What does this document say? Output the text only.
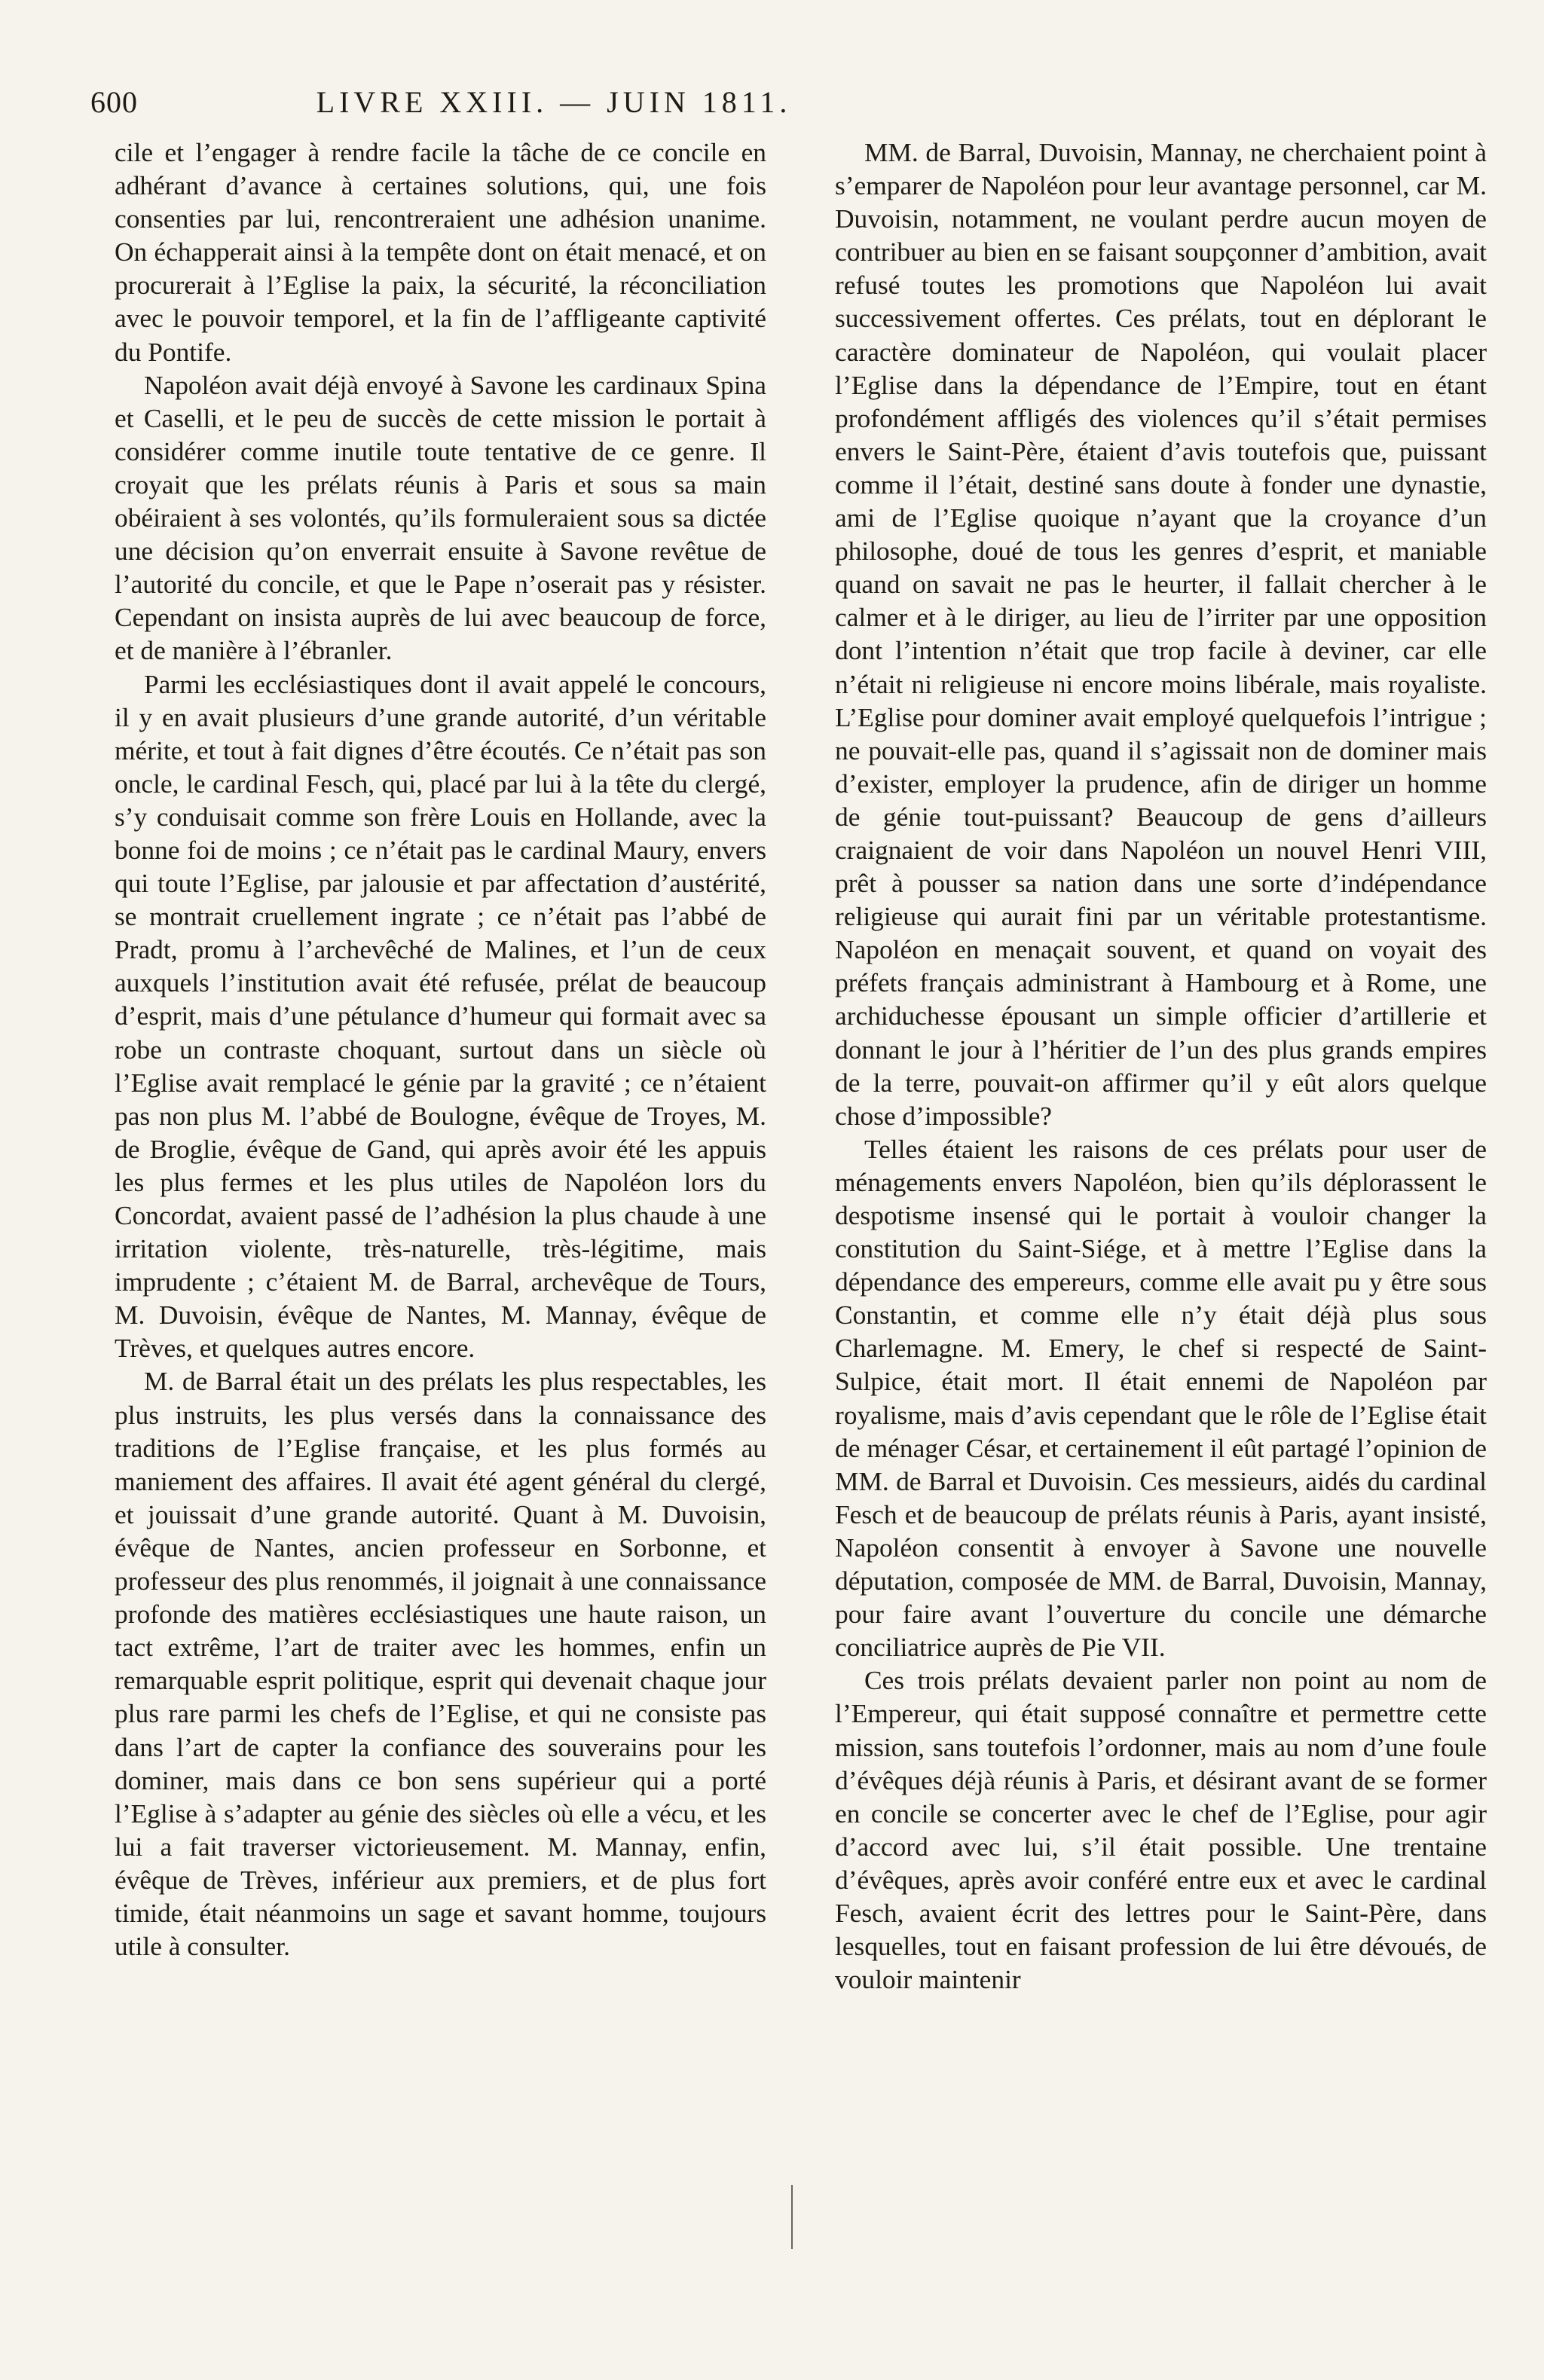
600	LIVRE XXIII. — JUIN 1811.

cile et l’engager à rendre facile la tâche de ce concile en adhérant d’avance à certaines solutions, qui, une fois consenties par lui, rencontreraient une adhésion unanime. On échapperait ainsi à la tempête dont on était menacé, et on procurerait à l’Eglise la paix, la sécurité, la réconciliation avec le pouvoir temporel, et la fin de l’affligeante captivité du Pontife.

Napoléon avait déjà envoyé à Savone les cardinaux Spina et Caselli, et le peu de succès de cette mission le portait à considérer comme inutile toute tentative de ce genre. Il croyait que les prélats réunis à Paris et sous sa main obéiraient à ses volontés, qu’ils formuleraient sous sa dictée une décision qu’on enverrait ensuite à Savone revêtue de l’autorité du concile, et que le Pape n’oserait pas y résister. Cependant on insista auprès de lui avec beaucoup de force, et de manière à l’ébranler.

Parmi les ecclésiastiques dont il avait appelé le concours, il y en avait plusieurs d’une grande autorité, d’un véritable mérite, et tout à fait dignes d’être écoutés. Ce n’était pas son oncle, le cardinal Fesch, qui, placé par lui à la tête du clergé, s’y conduisait comme son frère Louis en Hollande, avec la bonne foi de moins ; ce n’était pas le cardinal Maury, envers qui toute l’Eglise, par jalousie et par affectation d’austérité, se montrait cruellement ingrate ; ce n’était pas l’abbé de Pradt, promu à l’archevêché de Malines, et l’un de ceux auxquels l’institution avait été refusée, prélat de beaucoup d’esprit, mais d’une pétulance d’humeur qui formait avec sa robe un contraste choquant, surtout dans un siècle où l’Eglise avait remplacé le génie par la gravité ; ce n’étaient pas non plus M. l’abbé de Boulogne, évêque de Troyes, M. de Broglie, évêque de Gand, qui après avoir été les appuis les plus fermes et les plus utiles de Napoléon lors du Concordat, avaient passé de l’adhésion la plus chaude à une irritation violente, très-naturelle, très-légitime, mais imprudente ; c’étaient M. de Barral, archevêque de Tours, M. Duvoisin, évêque de Nantes, M. Mannay, évêque de Trèves, et quelques autres encore.

M. de Barral était un des prélats les plus respectables, les plus instruits, les plus versés dans la connaissance des traditions de l’Eglise française, et les plus formés au maniement des affaires. Il avait été agent général du clergé, et jouissait d’une grande autorité. Quant à M. Duvoisin, évêque de Nantes, ancien professeur en Sorbonne, et professeur des plus renommés, il joignait à une connaissance profonde des matières ecclésiastiques une haute raison, un tact extrême, l’art de traiter avec les hommes, enfin un remarquable esprit politique, esprit qui devenait chaque jour plus rare parmi les chefs de l’Eglise, et qui ne consiste pas dans l’art de capter la confiance des souverains pour les dominer, mais dans ce bon sens supérieur qui a porté l’Eglise à s’adapter au génie des siècles où elle a vécu, et les lui a fait traverser victorieusement. M. Mannay, enfin, évêque de Trèves, inférieur aux premiers, et de plus fort timide, était néanmoins un sage et savant homme, toujours utile à consulter.

MM. de Barral, Duvoisin, Mannay, ne cherchaient point à s’emparer de Napoléon pour leur avantage personnel, car M. Duvoisin, notamment, ne voulant perdre aucun moyen de contribuer au bien en se faisant soupçonner d’ambition, avait refusé toutes les promotions que Napoléon lui avait successivement offertes. Ces prélats, tout en déplorant le caractère dominateur de Napoléon, qui voulait placer l’Eglise dans la dépendance de l’Empire, tout en étant profondément affligés des violences qu’il s’était permises envers le Saint-Père, étaient d’avis toutefois que, puissant comme il l’était, destiné sans doute à fonder une dynastie, ami de l’Eglise quoique n’ayant que la croyance d’un philosophe, doué de tous les genres d’esprit, et maniable quand on savait ne pas le heurter, il fallait chercher à le calmer et à le diriger, au lieu de l’irriter par une opposition dont l’intention n’était que trop facile à deviner, car elle n’était ni religieuse ni encore moins libérale, mais royaliste. L’Eglise pour dominer avait employé quelquefois l’intrigue ; ne pouvait-elle pas, quand il s’agissait non de dominer mais d’exister, employer la prudence, afin de diriger un homme de génie tout-puissant? Beaucoup de gens d’ailleurs craignaient de voir dans Napoléon un nouvel Henri VIII, prêt à pousser sa nation dans une sorte d’indépendance religieuse qui aurait fini par un véritable protestantisme. Napoléon en menaçait souvent, et quand on voyait des préfets français administrant à Hambourg et à Rome, une archiduchesse épousant un simple officier d’artillerie et donnant le jour à l’héritier de l’un des plus grands empires de la terre, pouvait-on affirmer qu’il y eût alors quelque chose d’impossible?

Telles étaient les raisons de ces prélats pour user de ménagements envers Napoléon, bien qu’ils déplorassent le despotisme insensé qui le portait à vouloir changer la constitution du Saint-Siége, et à mettre l’Eglise dans la dépendance des empereurs, comme elle avait pu y être sous Constantin, et comme elle n’y était déjà plus sous Charlemagne. M. Emery, le chef si respecté de Saint-Sulpice, était mort. Il était ennemi de Napoléon par royalisme, mais d’avis cependant que le rôle de l’Eglise était de ménager César, et certainement il eût partagé l’opinion de MM. de Barral et Duvoisin. Ces messieurs, aidés du cardinal Fesch et de beaucoup de prélats réunis à Paris, ayant insisté, Napoléon consentit à envoyer à Savone une nouvelle députation, composée de MM. de Barral, Duvoisin, Mannay, pour faire avant l’ouverture du concile une démarche conciliatrice auprès de Pie VII.

Ces trois prélats devaient parler non point au nom de l’Empereur, qui était supposé connaître et permettre cette mission, sans toutefois l’ordonner, mais au nom d’une foule d’évêques déjà réunis à Paris, et désirant avant de se former en concile se concerter avec le chef de l’Eglise, pour agir d’accord avec lui, s’il était possible. Une trentaine d’évêques, après avoir conféré entre eux et avec le cardinal Fesch, avaient écrit des lettres pour le Saint-Père, dans lesquelles, tout en faisant profession de lui être dévoués, de vouloir maintenir
